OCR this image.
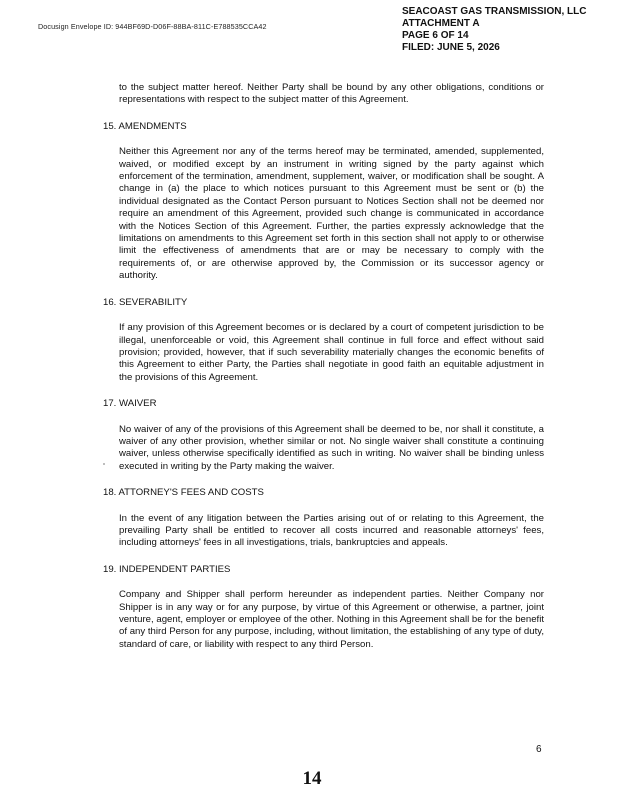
Docusign Envelope ID: 944BF69D-D06F-88BA-811C-E788535CCA42
SEACOAST GAS TRANSMISSION, LLC
ATTACHMENT A
PAGE 6 OF 14
FILED: JUNE 5, 2026

to the subject matter hereof. Neither Party shall be bound by any other obligations, conditions or representations with respect to the subject matter of this Agreement.

15. AMENDMENTS

Neither this Agreement nor any of the terms hereof may be terminated, amended, supplemented, waived, or modified except by an instrument in writing signed by the party against which enforcement of the termination, amendment, supplement, waiver, or modification shall be sought. A change in (a) the place to which notices pursuant to this Agreement must be sent or (b) the individual designated as the Contact Person pursuant to Notices Section shall not be deemed nor require an amendment of this Agreement, provided such change is communicated in accordance with the Notices Section of this Agreement. Further, the parties expressly acknowledge that the limitations on amendments to this Agreement set forth in this section shall not apply to or otherwise limit the effectiveness of amendments that are or may be necessary to comply with the requirements of, or are otherwise approved by, the Commission or its successor agency or authority.

16. SEVERABILITY

If any provision of this Agreement becomes or is declared by a court of competent jurisdiction to be illegal, unenforceable or void, this Agreement shall continue in full force and effect without said provision; provided, however, that if such severability materially changes the economic benefits of this Agreement to either Party, the Parties shall negotiate in good faith an equitable adjustment in the provisions of this Agreement.

17. WAIVER

No waiver of any of the provisions of this Agreement shall be deemed to be, nor shall it constitute, a waiver of any other provision, whether similar or not. No single waiver shall constitute a continuing waiver, unless otherwise specifically identified as such in writing. No waiver shall be binding unless executed in writing by the Party making the waiver.

18. ATTORNEY'S FEES AND COSTS

In the event of any litigation between the Parties arising out of or relating to this Agreement, the prevailing Party shall be entitled to recover all costs incurred and reasonable attorneys' fees, including attorneys' fees in all investigations, trials, bankruptcies and appeals.

19. INDEPENDENT PARTIES

Company and Shipper shall perform hereunder as independent parties. Neither Company nor Shipper is in any way or for any purpose, by virtue of this Agreement or otherwise, a partner, joint venture, agent, employer or employee of the other. Nothing in this Agreement shall be for the benefit of any third Person for any purpose, including, without limitation, the establishing of any type of duty, standard of care, or liability with respect to any third Person.

6
14
